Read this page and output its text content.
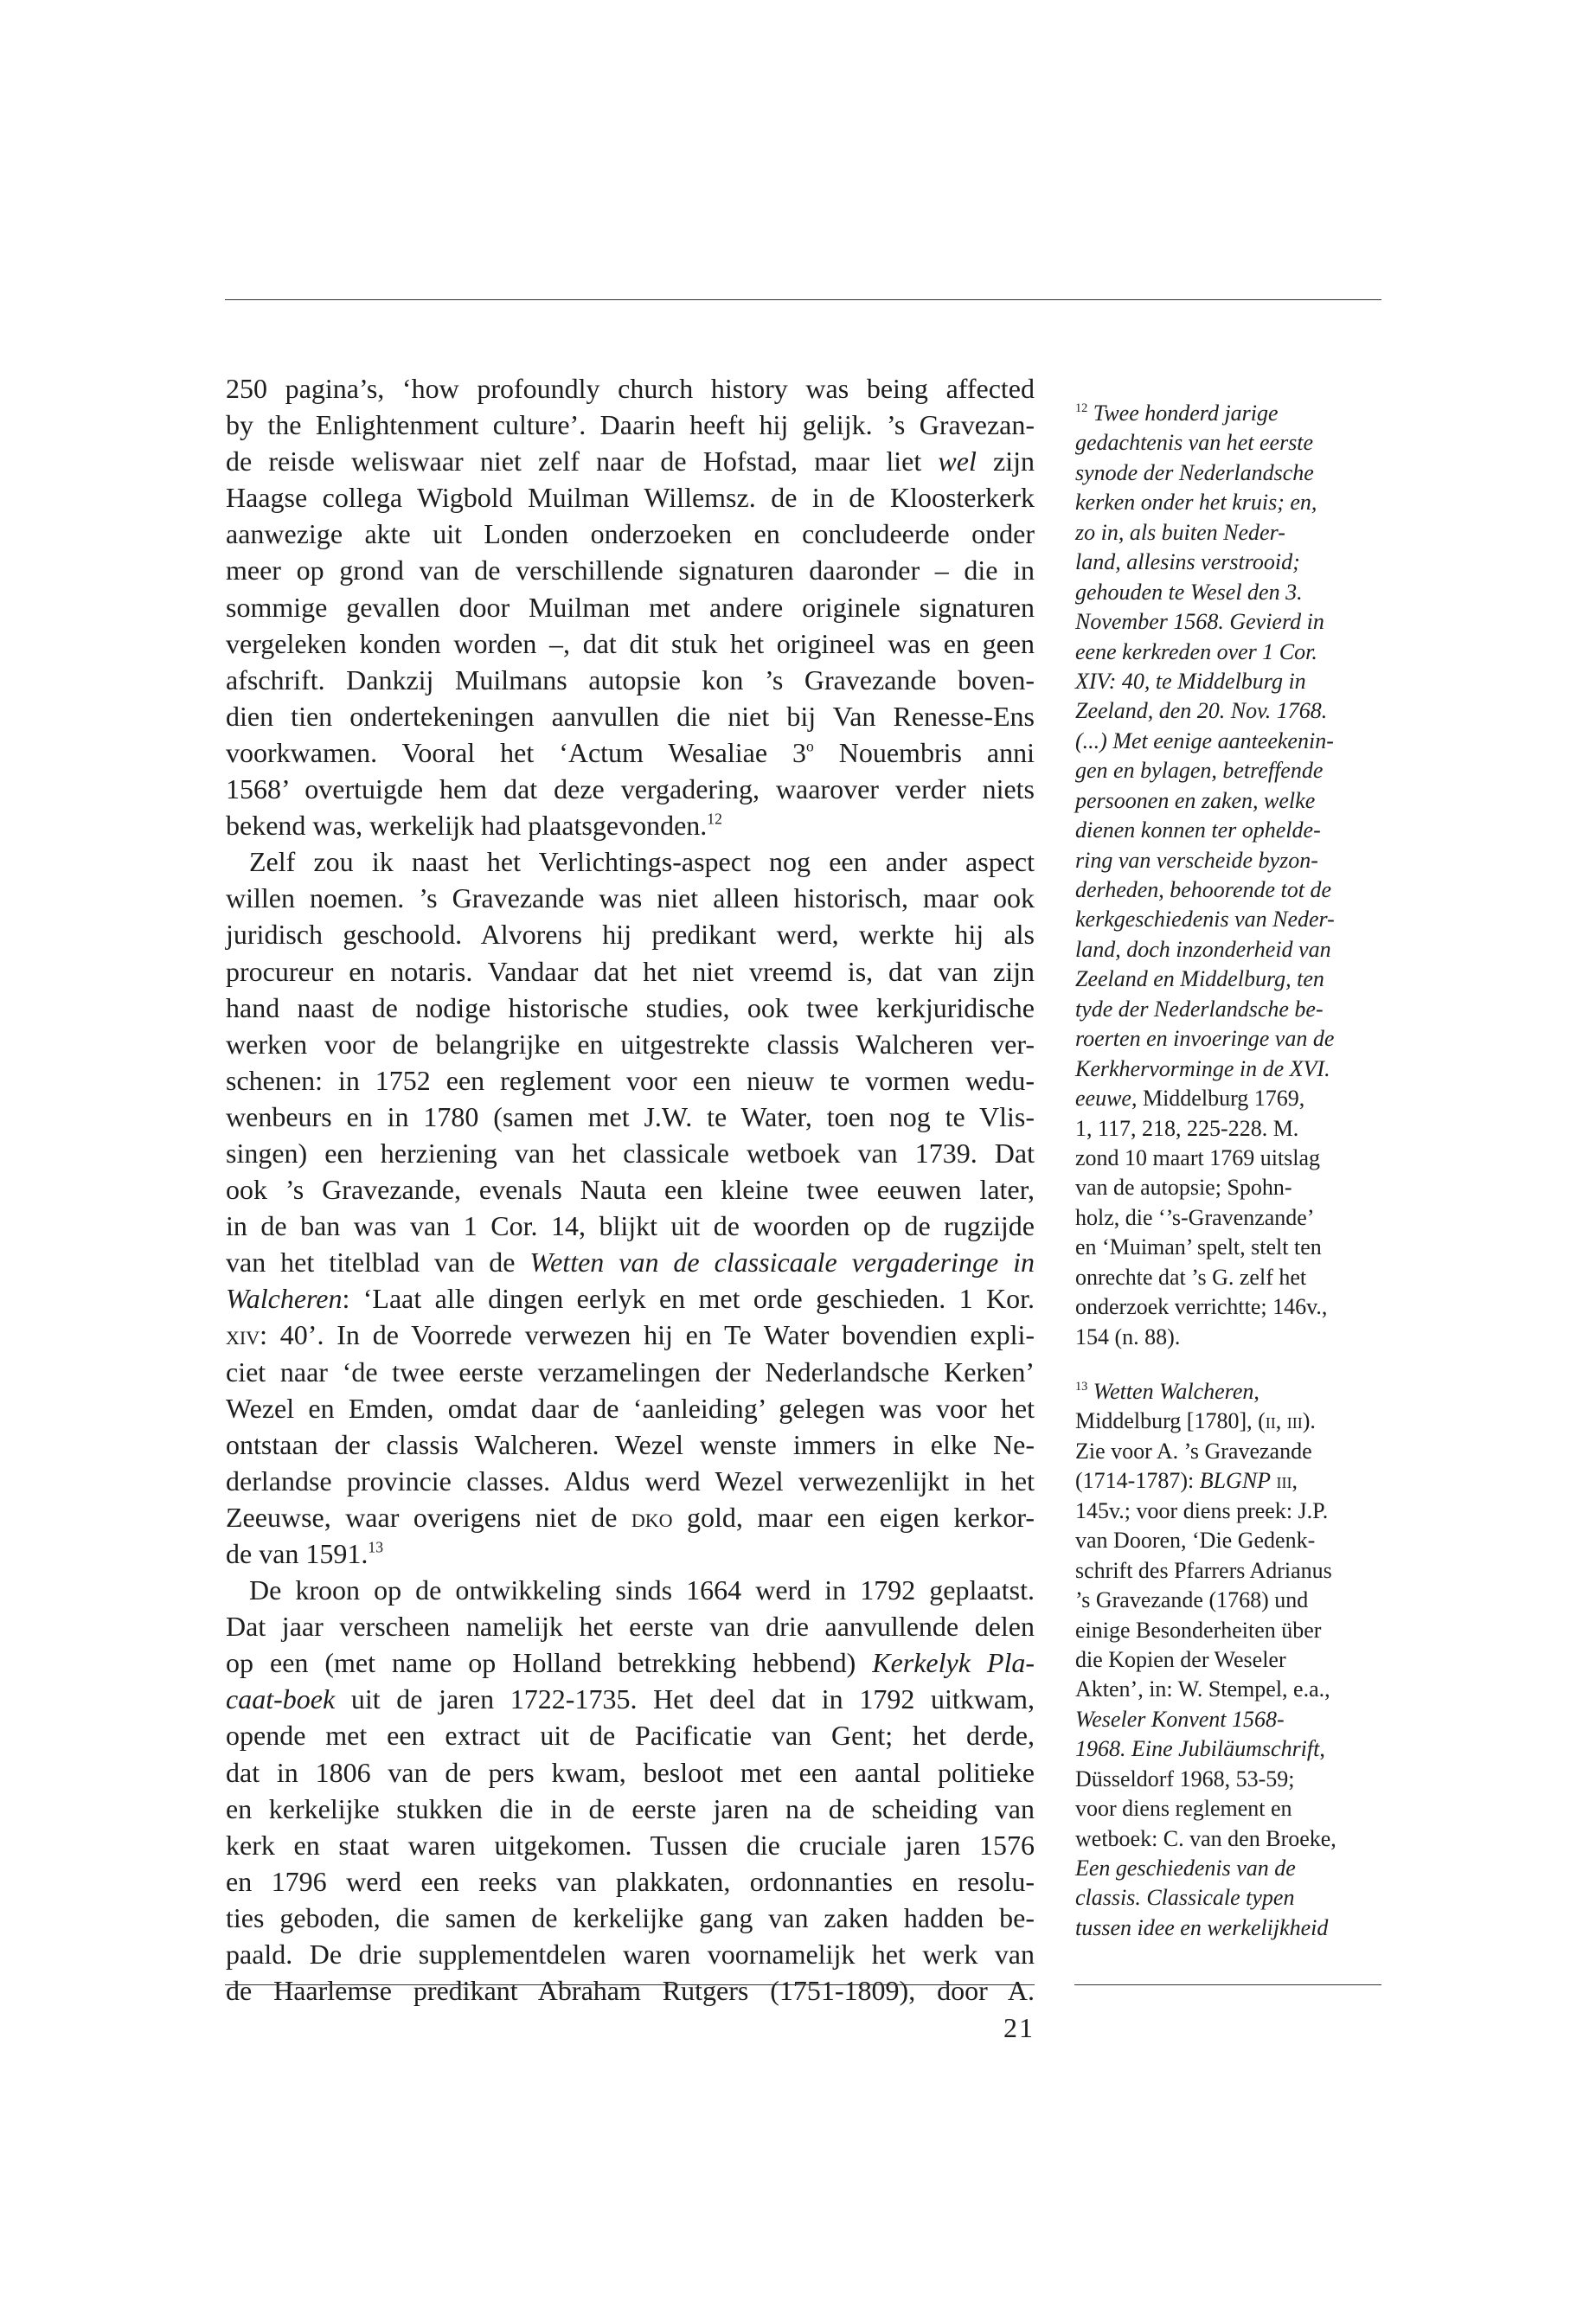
250 pagina’s, ‘how profoundly church history was being affected
by the Enlightenment culture’. Daarin heeft hij gelijk. ’s Gravezan-
de reisde weliswaar niet zelf naar de Hofstad, maar liet wel zijn
Haagse collega Wigbold Muilman Willemsz. de in de Kloosterkerk
aanwezige akte uit Londen onderzoeken en concludeerde onder
meer op grond van de verschillende signaturen daaronder – die in
sommige gevallen door Muilman met andere originele signaturen
vergeleken konden worden –, dat dit stuk het origineel was en geen
afschrift. Dankzij Muilmans autopsie kon ’s Gravezande boven-
dien tien ondertekeningen aanvullen die niet bij Van Renesse-Ens
voorkwamen. Vooral het ‘Actum Wesaliae 3$^o$ Nouembris anni
1568’ overtuigde hem dat deze vergadering, waarover verder niets
bekend was, werkelijk had plaatsgevonden.$^{12}$
Zelf zou ik naast het Verlichtings-aspect nog een ander aspect
willen noemen. ’s Gravezande was niet alleen historisch, maar ook
juridisch geschoold. Alvorens hij predikant werd, werkte hij als
procureur en notaris. Vandaar dat het niet vreemd is, dat van zijn
hand naast de nodige historische studies, ook twee kerkjuridische
werken voor de belangrijke en uitgestrekte classis Walcheren ver-
schenen: in 1752 een reglement voor een nieuw te vormen wedu-
wenbeurs en in 1780 (samen met J.W. te Water, toen nog te Vlis-
singen) een herziening van het classicale wetboek van 1739. Dat
ook ’s Gravezande, evenals Nauta een kleine twee eeuwen later,
in de ban was van 1 Cor. 14, blijkt uit de woorden op de rugzijde
van het titelblad van de Wetten van de classicaale vergaderinge in
Walcheren: ‘Laat alle dingen eerlyk en met orde geschieden. 1 Kor.
xiv: 40’. In de Voorrede verwezen hij en Te Water bovendien expli-
ciet naar ‘de twee eerste verzamelingen der Nederlandsche Kerken’
Wezel en Emden, omdat daar de ‘aanleiding’ gelegen was voor het
ontstaan der classis Walcheren. Wezel wenste immers in elke Ne-
derlandse provincie classes. Aldus werd Wezel verwezenlijkt in het
Zeeuwse, waar overigens niet de dko gold, maar een eigen kerkor-
de van 1591.13
De kroon op de ontwikkeling sinds 1664 werd in 1792 geplaatst.
Dat jaar verscheen namelijk het eerste van drie aanvullende delen
op een (met name op Holland betrekking hebbend) Kerkelyk Pla-
caat-boek uit de jaren 1722-1735. Het deel dat in 1792 uitkwam,
opende met een extract uit de Pacificatie van Gent; het derde,
dat in 1806 van de pers kwam, besloot met een aantal politieke
en kerkelijke stukken die in de eerste jaren na de scheiding van
kerk en staat waren uitgekomen. Tussen die cruciale jaren 1576
en 1796 werd een reeks van plakkaten, ordonnanties en resolu-
ties geboden, die samen de kerkelijke gang van zaken hadden be-
paald. De drie supplementdelen waren voornamelijk het werk van
de Haarlemse predikant Abraham Rutgers (1751-1809), door A.
$^{12}$ Twee honderd jarige
gedachtenis van het eerste
synode der Nederlandsche
kerken onder het kruis; en,
zo in, als buiten Neder-
land, allesins verstrooid;
gehouden te Wesel den 3.
November 1568. Gevierd in
eene kerkreden over 1 Cor.
XIV: 40, te Middelburg in
Zeeland, den 20. Nov. 1768.
(...) Met eenige aanteekenin-
gen en bylagen, betreffende
persoonen en zaken, welke
dienen konnen ter ophelde-
ring van verscheide byzon-
derheden, behoorende tot de
kerkgeschiedenis van Neder-
land, doch inzonderheid van
Zeeland en Middelburg, ten
tyde der Nederlandsche be-
roerten en invoeringe van de
Kerkhervorminge in de XVI.
eeuwe, Middelburg 1769,
1, 117, 218, 225-228. M.
zond 10 maart 1769 uitslag
van de autopsie; Spohn-
holz, die ‘’s-Gravenzande’
en ‘Muiman’ spelt, stelt ten
onrechte dat ’s G. zelf het
onderzoek verrichtte; 146v.,
154 (n. 88).
$^{13}$ Wetten Walcheren,
Middelburg [1780], (ii, iii).
Zie voor A. ’s Gravezande
(1714-1787): BLGNP iii,
145v.; voor diens preek: J.P.
van Dooren, ‘Die Gedenk-
schrift des Pfarrers Adrianus
’s Gravezande (1768) und
einige Besonderheiten über
die Kopien der Weseler
Akten’, in: W. Stempel, e.a.,
Weseler Konvent 1568-
1968. Eine Jubiläumschrift,
Düsseldorf 1968, 53-59;
voor diens reglement en
wetboek: C. van den Broeke,
Een geschiedenis van de
classis. Classicale typen
tussen idee en werkelijkheid
21
